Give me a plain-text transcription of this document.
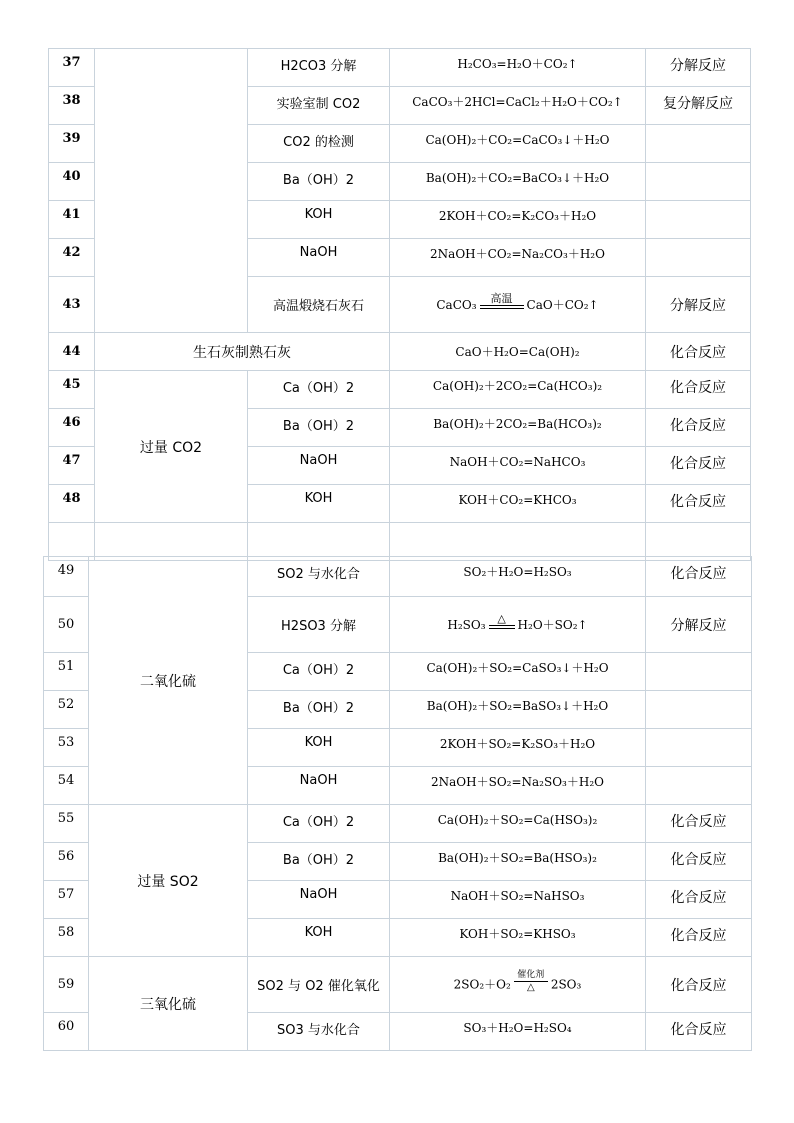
37		H2CO3 分解	H₂CO₃=H₂O＋CO₂↑	分解反应
38		实验室制 CO2	CaCO₃＋2HCl=CaCl₂＋H₂O＋CO₂↑	复分解反应
39		CO2 的检测	Ca(OH)₂＋CO₂=CaCO₃↓＋H₂O	
40		Ba（OH）2	Ba(OH)₂＋CO₂=BaCO₃↓＋H₂O	
41		KOH	2KOH＋CO₂=K₂CO₃＋H₂O	
42		NaOH	2NaOH＋CO₂=Na₂CO₃＋H₂O	
43		高温煅烧石灰石	CaCO₃ 高温 CaO＋CO₂↑	分解反应
44	生石灰制熟石灰		CaO＋H₂O=Ca(OH)₂	化合反应
45	过量 CO2	Ca（OH）2	Ca(OH)₂＋2CO₂=Ca(HCO₃)₂	化合反应
46		Ba（OH）2	Ba(OH)₂＋2CO₂=Ba(HCO₃)₂	化合反应
47		NaOH	NaOH＋CO₂=NaHCO₃	化合反应
48		KOH	KOH＋CO₂=KHCO₃	化合反应

49	二氧化硫	SO2 与水化合	SO₂＋H₂O=H₂SO₃	化合反应
50		H2SO3 分解	H₂SO₃ △ H₂O＋SO₂↑	分解反应
51		Ca（OH）2	Ca(OH)₂＋SO₂=CaSO₃↓＋H₂O	
52		Ba（OH）2	Ba(OH)₂＋SO₂=BaSO₃↓＋H₂O	
53		KOH	2KOH＋SO₂=K₂SO₃＋H₂O	
54		NaOH	2NaOH＋SO₂=Na₂SO₃＋H₂O	
55	过量 SO2	Ca（OH）2	Ca(OH)₂＋SO₂=Ca(HSO₃)₂	化合反应
56		Ba（OH）2	Ba(OH)₂＋SO₂=Ba(HSO₃)₂	化合反应
57		NaOH	NaOH＋SO₂=NaHSO₃	化合反应
58		KOH	KOH＋SO₂=KHSO₃	化合反应
59	三氧化硫	SO2 与 O2 催化氧化	$2SO_2+O_2 \frac{\text{催化剂}}{\triangle} 2SO_3$	化合反应
60		SO3 与水化合	SO₃＋H₂O=H₂SO₄	化合反应
